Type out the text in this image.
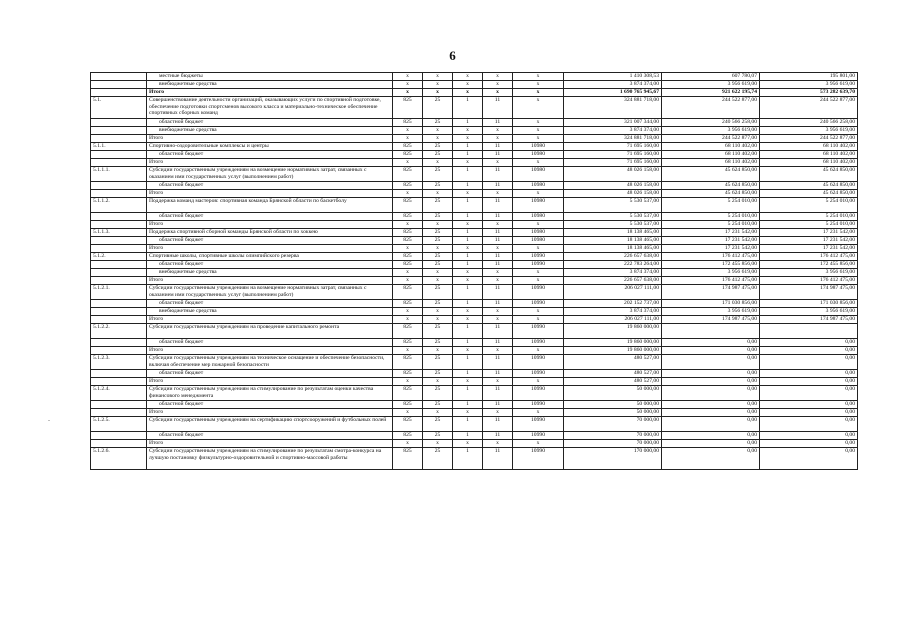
6
-
	местные бюджеты	х	х	х	х	х	1 410 308,53	607 780,07	195 801,00
	внебюджетные средства	х	х	х	х	х	3 874 374,00	3 956 619,00	3 956 619,00
	Итого	х	х	х	х	х	1 690 765 945,67	921 622 195,74	573 282 639,70
5.1.	Совершенствование деятельности организаций, оказывающих услуги по спортивной подготовке, обеспечение подготовки спортсменов высокого класса и материально-техническое обеспечение спортивных сборных команд	825	25	1	11	х	324 881 718,00	244 522 877,00	244 522 877,00
	областной бюджет	825	25	1	11	х	321 007 344,00	240 566 258,00	240 566 258,00
	внебюджетные средства	х	х	х	х	х	3 874 374,00	3 956 619,00	3 956 619,00
	Итого	х	х	х	х	х	324 881 718,00	244 522 877,00	244 522 877,00
5.1.1.	Спортивно-оздоровительные комплексы и центры	825	25	1	11	10980	71 695 160,00	68 110 402,00	68 110 402,00
	областной бюджет	825	25	1	11	10980	71 695 160,00	68 110 402,00	68 110 402,00
	Итого	х	х	х	х	х	71 695 160,00	68 110 402,00	68 110 402,00
5.1.1.1.	Субсидии государственным учреждениям на возмещение нормативных затрат, связанных с оказанием ими государственных услуг (выполнением работ)	825	25	1	11	10980	48 026 158,00	45 624 850,00	45 624 850,00
	областной бюджет	825	25	1	11	10980	48 026 158,00	45 624 850,00	45 624 850,00
	Итого	х	х	х	х	х	48 026 158,00	45 624 850,00	45 624 850,00
5.1.1.2.	Поддержка команд мастеров: спортивная команда Брянской области по баскетболу	825	25	1	11	10980	5 530 537,00	5 254 010,00	5 254 010,00
	областной бюджет	825	25	1	11	10980	5 530 537,00	5 254 010,00	5 254 010,00
	Итого	х	х	х	х	х	5 530 537,00	5 254 010,00	5 254 010,00
5.1.1.3.	Поддержка спортивной сборной команды Брянской области по хоккею	825	25	1	11	10980	18 138 465,00	17 231 542,00	17 231 542,00
	областной бюджет	825	25	1	11	10980	18 138 465,00	17 231 542,00	17 231 542,00
	Итого	х	х	х	х	х	18 138 465,00	17 231 542,00	17 231 542,00
5.1.2.	Спортивные школы, спортивные школы олимпийского резерва	825	25	1	11	10990	226 657 638,00	176 412 475,00	176 412 475,00
	областной бюджет	825	25	1	11	10990	222 783 264,00	172 455 856,00	172 455 856,00
	внебюджетные средства	х	х	х	х	х	3 874 374,00	3 956 619,00	3 956 619,00
	Итого	х	х	х	х	х	226 657 638,00	176 412 475,00	176 412 475,00
5.1.2.1.	Субсидии государственным учреждениям на возмещение нормативных затрат, связанных с оказанием ими государственных услуг (выполнением работ)	825	25	1	11	10990	206 027 111,00	174 987 475,00	174 987 475,00
	областной бюджет	825	25	1	11	10990	202 152 737,00	171 030 856,00	171 030 856,00
	внебюджетные средства	х	х	х	х	х	3 874 374,00	3 956 619,00	3 956 619,00
	Итого	х	х	х	х	х	206 027 111,00	174 987 475,00	174 987 475,00
5.1.2.2.	Субсидии государственным учреждениям на проведение капитального ремонта	825	25	1	11	10990	19 860 000,00		
	областной бюджет	825	25	1	11	10990	19 860 000,00	0,00	0,00
	Итого	х	х	х	х	х	19 860 000,00	0,00	0,00
5.1.2.3.	Субсидии государственным учреждениям на техническое оснащение и обеспечение безопасности, включая обеспечение мер пожарной безопасности	825	25	1	11	10990	480 527,00	0,00	0,00
	областной бюджет	825	25	1	11	10990	480 527,00	0,00	0,00
	Итого	х	х	х	х	х	480 527,00	0,00	0,00
5.1.2.4.	Субсидии государственным учреждениям на стимулирование по результатам оценки качества финансового менеджмента	825	25	1	11	10990	50 000,00	0,00	0,00
	областной бюджет	825	25	1	11	10990	50 000,00	0,00	0,00
	Итого	х	х	х	х	х	50 000,00	0,00	0,00
5.1.2.5.	Субсидии государственным учреждениям на сертификацию спортсооружений и футбольных полей	825	25	1	11	10990	70 000,00	0,00	0,00
	областной бюджет	825	25	1	11	10990	70 000,00	0,00	0,00
	Итого	х	х	х	х	х	70 000,00	0,00	0,00
5.1.2.6.	Субсидии государственным учреждениям на стимулирование по результатам смотра-конкурса на лучшую постановку физкультурно-оздоровительной и спортивно-массовой работы	825	25	1	11	10990	170 000,00	0,00	0,00
